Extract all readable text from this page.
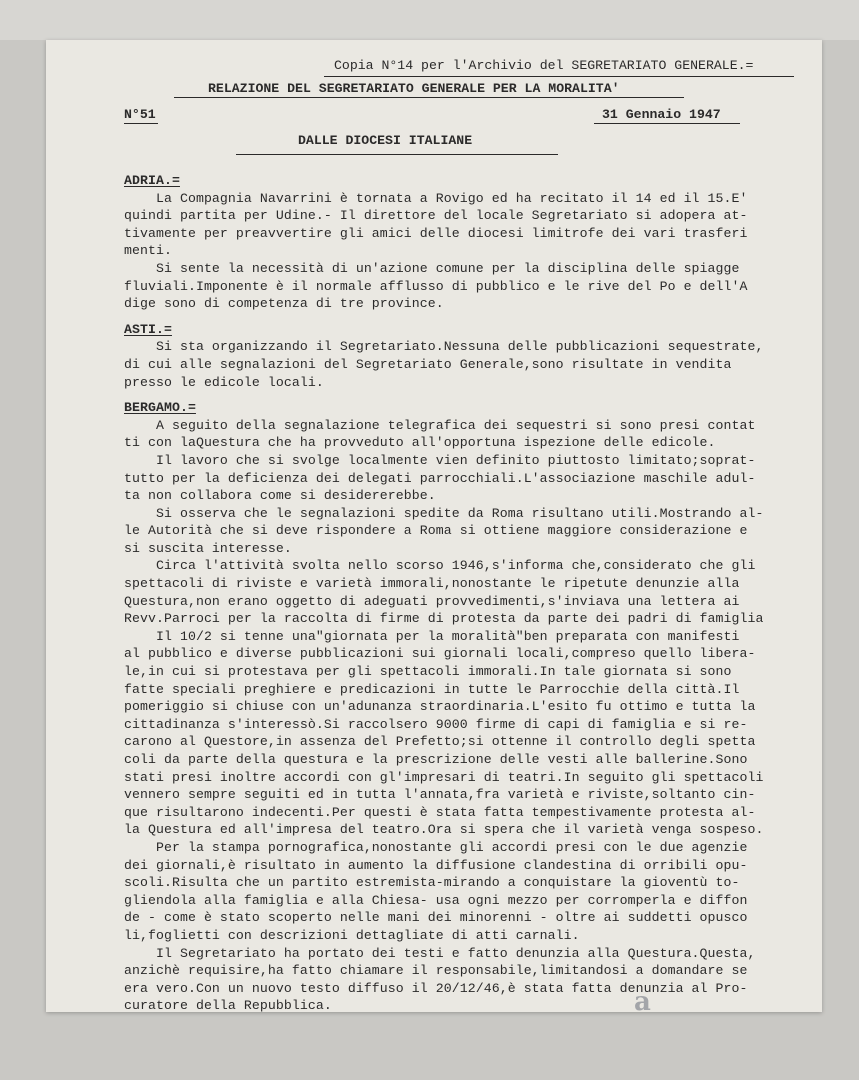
Copia N°14 per l'Archivio del SEGRETARIATO GENERALE.=
RELAZIONE DEL SEGRETARIATO GENERALE PER LA MORALITA'
N°51	31 Gennaio 1947
DALLE DIOCESI ITALIANE
ADRIA.=
La Compagnia Navarrini è tornata a Rovigo ed ha recitato il 14 ed il 15.E'
quindi partita per Udine.- Il direttore del locale Segretariato si adopera at-
tivamente per preavvertire gli amici delle diocesi limitrofe dei vari trasferi
menti.
Si sente la necessità di un'azione comune per la disciplina delle spiagge
fluviali.Imponente è il normale afflusso di pubblico e le rive del Po e dell'A
dige sono di competenza di tre province.
ASTI.=
Si sta organizzando il Segretariato.Nessuna delle pubblicazioni sequestrate,
di cui alle segnalazioni del Segretariato Generale,sono risultate in vendita
presso le edicole locali.
BERGAMO.=
A seguito della segnalazione telegrafica dei sequestri si sono presi contat
ti con laQuestura che ha provveduto all'opportuna ispezione delle edicole.
Il lavoro che si svolge localmente vien definito piuttosto limitato;soprat-
tutto per la deficienza dei delegati parrocchiali.L'associazione maschile adul-
ta non collabora come si desidererebbe.
Si osserva che le segnalazioni spedite da Roma risultano utili.Mostrando al-
le Autorità che si deve rispondere a Roma si ottiene maggiore considerazione e
si suscita interesse.
Circa l'attività svolta nello scorso 1946,s'informa che,considerato che gli
spettacoli di riviste e varietà immorali,nonostante le ripetute denunzie alla
Questura,non erano oggetto di adeguati provvedimenti,s'inviava una lettera ai
Revv.Parroci per la raccolta di firme di protesta da parte dei padri di famiglia
Il 10/2 si tenne una"giornata per la moralità"ben preparata con manifesti
al pubblico e diverse pubblicazioni sui giornali locali,compreso quello libera-
le,in cui si protestava per gli spettacoli immorali.In tale giornata si sono
fatte speciali preghiere e predicazioni in tutte le Parrocchie della città.Il
pomeriggio si chiuse con un'adunanza straordinaria.L'esito fu ottimo e tutta la
cittadinanza s'interessò.Si raccolsero 9000 firme di capi di famiglia e si re-
carono al Questore,in assenza del Prefetto;si ottenne il controllo degli spetta
coli da parte della questura e la prescrizione delle vesti alle ballerine.Sono
stati presi inoltre accordi con gl'impresari di teatri.In seguito gli spettacoli
vennero sempre seguiti ed in tutta l'annata,fra varietà e riviste,soltanto cin-
que risultarono indecenti.Per questi è stata fatta tempestivamente protesta al-
la Questura ed all'impresa del teatro.Ora si spera che il varietà venga sospeso.
Per la stampa pornografica,nonostante gli accordi presi con le due agenzie
dei giornali,è risultato in aumento la diffusione clandestina di orribili opu-
scoli.Risulta che un partito estremista-mirando a conquistare la gioventù to-
gliendola alla famiglia e alla Chiesa- usa ogni mezzo per corromperla e diffon
de - come è stato scoperto nelle mani dei minorenni - oltre ai suddetti opusco
li,foglietti con descrizioni dettagliate di atti carnali.
Il Segretariato ha portato dei testi e fatto denunzia alla Questura.Questa,
anzichè requisire,ha fatto chiamare il responsabile,limitandosi a domandare se
era vero.Con un nuovo testo diffuso il 20/12/46,è stata fatta denunzia al Pro-
curatore della Repubblica.	a
